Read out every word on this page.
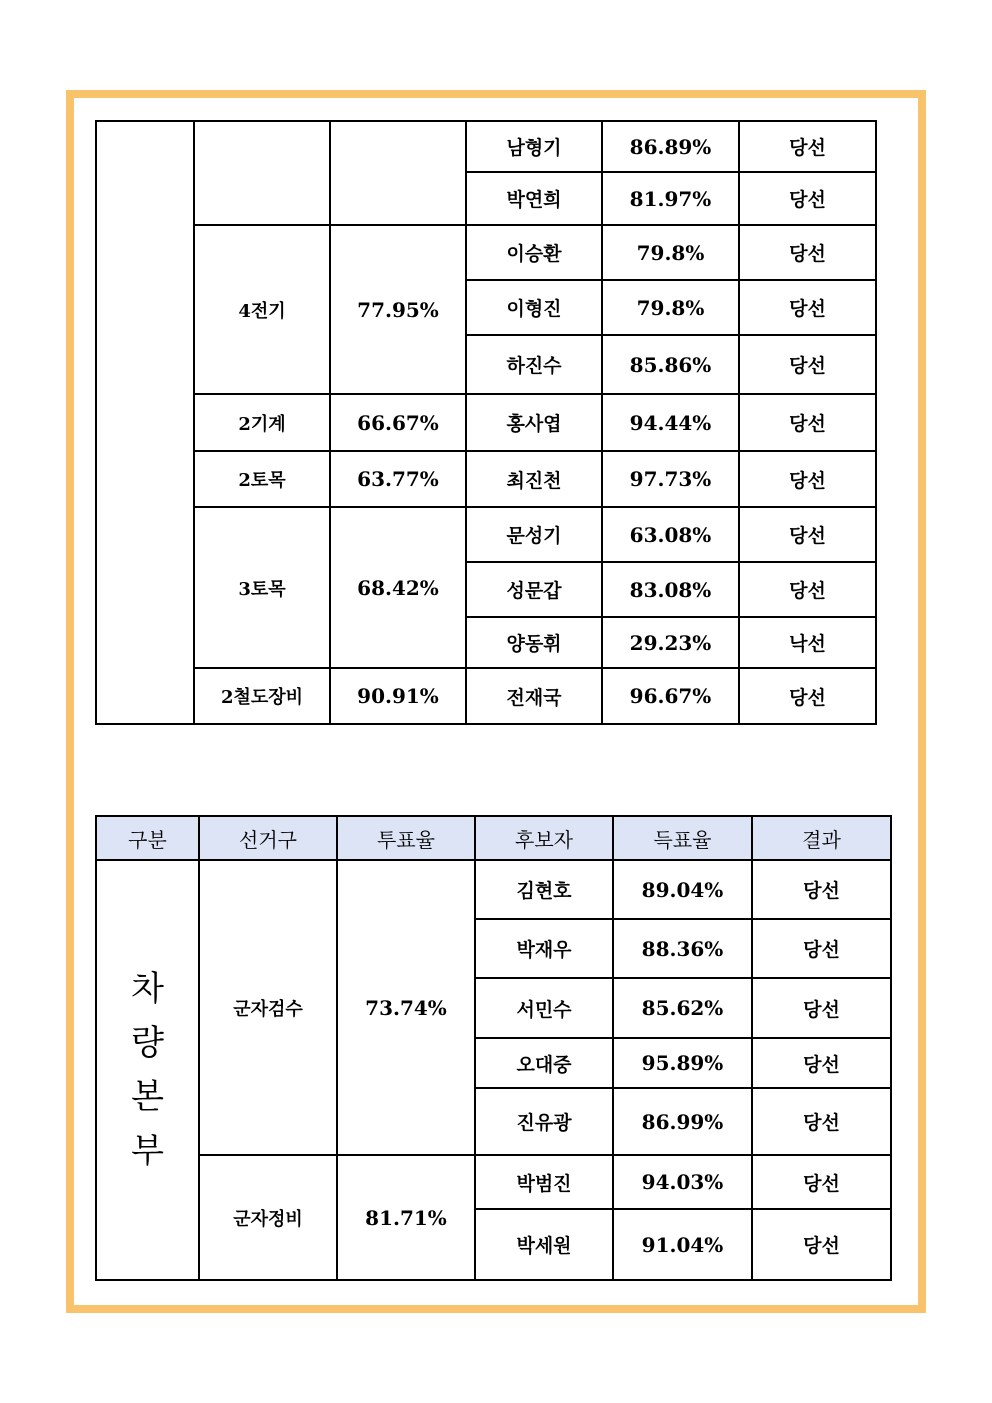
			남형기	86.89%	당선
			박연희	81.97%	당선
	4전기	77.95%	이승환	79.8%	당선
			이형진	79.8%	당선
			하진수	85.86%	당선
	2기계	66.67%	홍사엽	94.44%	당선
	2토목	63.77%	최진천	97.73%	당선
	3토목	68.42%	문성기	63.08%	당선
			성문갑	83.08%	당선
			양동휘	29.23%	낙선
	2철도장비	90.91%	전재국	96.67%	당선
구분	선거구	투표율	후보자	득표율	결과

차
량
본
부	군자검수	73.74%	김현호	89.04%	당선
			박재우	88.36%	당선
			서민수	85.62%	당선
			오대중	95.89%	당선
			진유광	86.99%	당선
	군자정비	81.71%	박범진	94.03%	당선
			박세원	91.04%	당선
